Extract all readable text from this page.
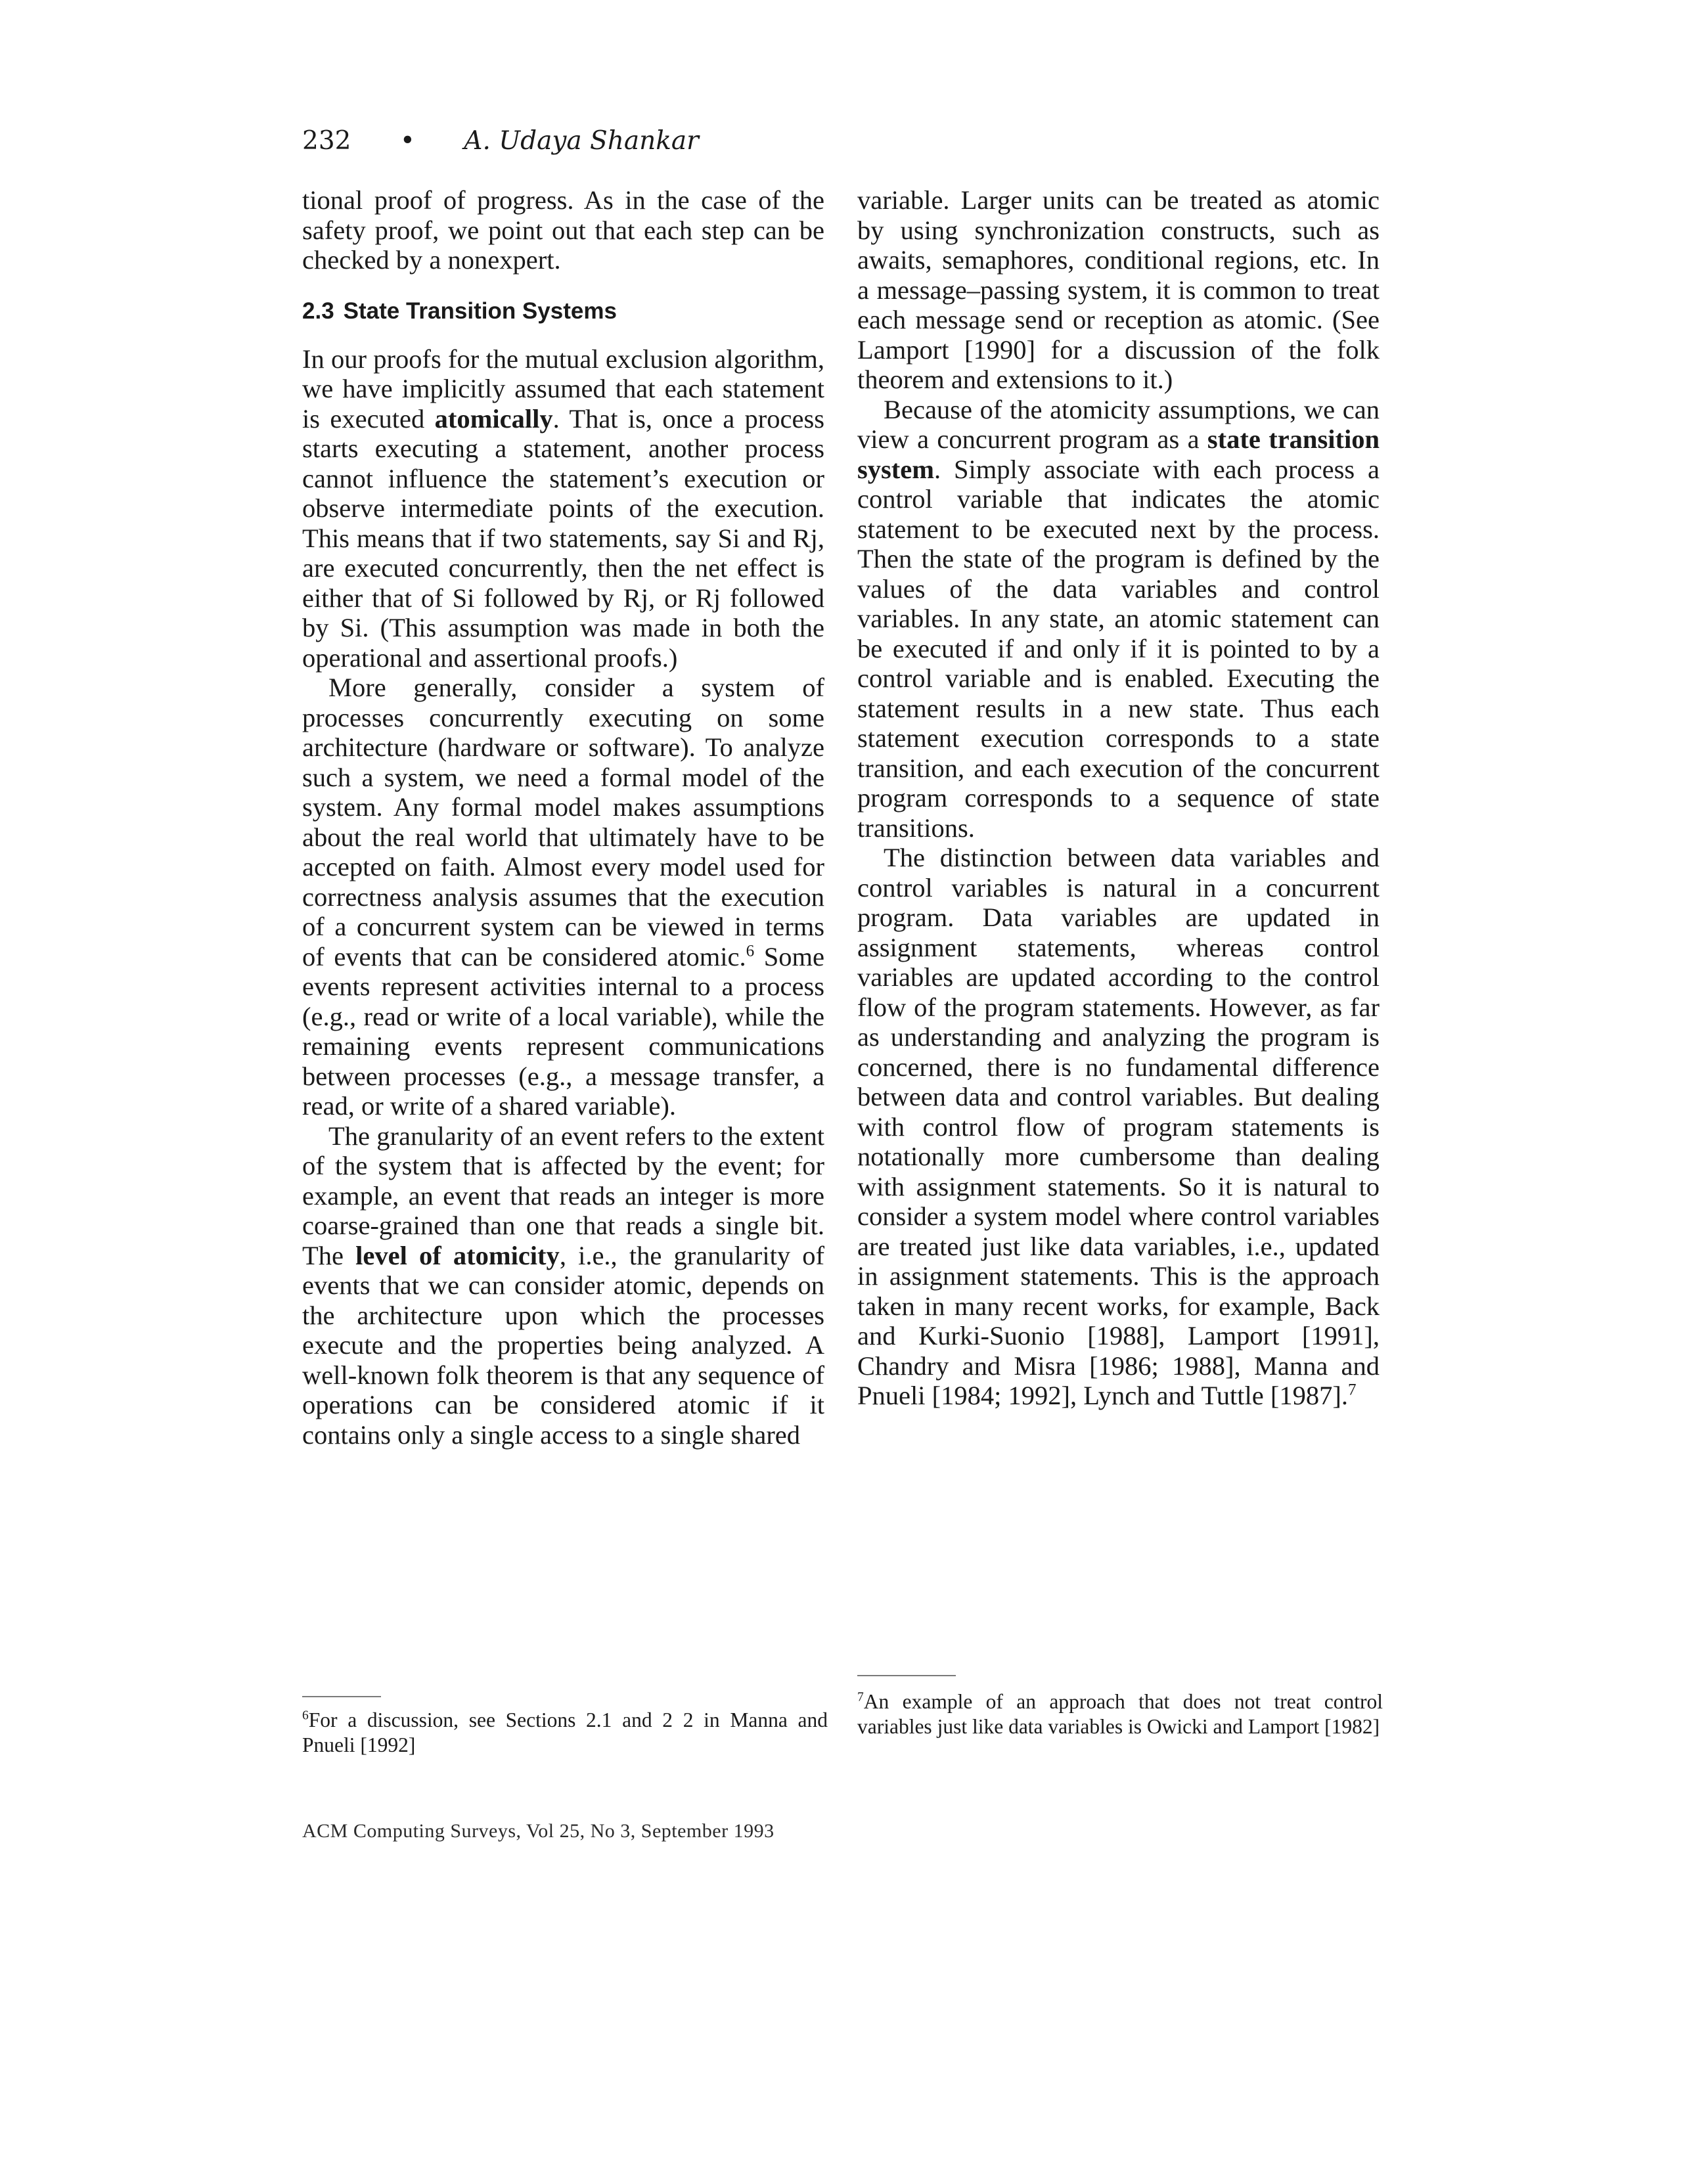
232 • A. Udaya Shankar

tional proof of progress. As in the case of the safety proof, we point out that each step can be checked by a nonexpert.

2.3 State Transition Systems

In our proofs for the mutual exclusion algorithm, we have implicitly assumed that each statement is executed atomically. That is, once a process starts executing a statement, another process cannot influence the statement’s execution or observe intermediate points of the execution. This means that if two statements, say Si and Rj, are executed concurrently, then the net effect is either that of Si followed by Rj, or Rj followed by Si. (This assumption was made in both the operational and assertional proofs.)

More generally, consider a system of processes concurrently executing on some architecture (hardware or software). To analyze such a system, we need a formal model of the system. Any formal model makes assumptions about the real world that ultimately have to be accepted on faith. Almost every model used for correctness analysis assumes that the execution of a concurrent system can be viewed in terms of events that can be considered atomic.$^6$ Some events represent activities internal to a process (e.g., read or write of a local variable), while the remaining events represent communications between processes (e.g., a message transfer, a read, or write of a shared variable).

The granularity of an event refers to the extent of the system that is affected by the event; for example, an event that reads an integer is more coarse-grained than one that reads a single bit. The level of atomicity, i.e., the granularity of events that we can consider atomic, depends on the architecture upon which the processes execute and the properties being analyzed. A well-known folk theorem is that any sequence of operations can be considered atomic if it contains only a single access to a single shared

variable. Larger units can be treated as atomic by using synchronization constructs, such as awaits, semaphores, conditional regions, etc. In a message–passing system, it is common to treat each message send or reception as atomic. (See Lamport [1990] for a discussion of the folk theorem and extensions to it.)

Because of the atomicity assumptions, we can view a concurrent program as a state transition system. Simply associate with each process a control variable that indicates the atomic statement to be executed next by the process. Then the state of the program is defined by the values of the data variables and control variables. In any state, an atomic statement can be executed if and only if it is pointed to by a control variable and is enabled. Executing the statement results in a new state. Thus each statement execution corresponds to a state transition, and each execution of the concurrent program corresponds to a sequence of state transitions.

The distinction between data variables and control variables is natural in a concurrent program. Data variables are updated in assignment statements, whereas control variables are updated according to the control flow of the program statements. However, as far as understanding and analyzing the program is concerned, there is no fundamental difference between data and control variables. But dealing with control flow of program statements is notationally more cumbersome than dealing with assignment statements. So it is natural to consider a system model where control variables are treated just like data variables, i.e., updated in assignment statements. This is the approach taken in many recent works, for example, Back and Kurki-Suonio [1988], Lamport [1991], Chandry and Misra [1986; 1988], Manna and Pnueli [1984; 1992], Lynch and Tuttle [1987].$^7$

$^6$For a discussion, see Sections 2.1 and 2 2 in Manna and Pnueli [1992]
$^7$An example of an approach that does not treat control variables just like data variables is Owicki and Lamport [1982]
ACM Computing Surveys, Vol 25, No 3, September 1993
